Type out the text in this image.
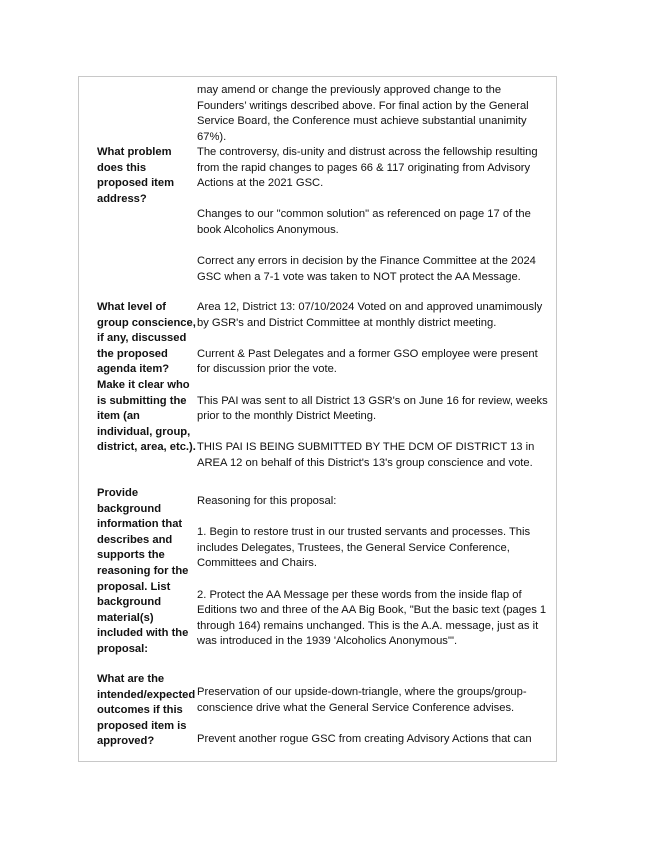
may amend or change the previously approved change to the Founders’ writings described above. For final action by the General Service Board, the Conference must achieve substantial unanimity 67%).

What problem does this proposed item address?

The controversy, dis-unity and distrust across the fellowship resulting from the rapid changes to pages 66 & 117 originating from Advisory Actions at the 2021 GSC.

Changes to our "common solution" as referenced on page 17 of the book Alcoholics Anonymous.

Correct any errors in decision by the Finance Committee at the 2024 GSC when a 7-1 vote was taken to NOT protect the AA Message.

What level of group conscience, if any, discussed the proposed agenda item? Make it clear who is submitting the item (an individual, group, district, area, etc.).

Area 12, District 13: 07/10/2024 Voted on and approved unamimously by GSR's and District Committee at monthly district meeting.

Current & Past Delegates and a former GSO employee were present for discussion prior the vote.

This PAI was sent to all District 13 GSR's on June 16 for review, weeks prior to the monthly District Meeting.

THIS PAI IS BEING SUBMITTED BY THE DCM OF DISTRICT 13 in AREA 12 on behalf of this District's 13's group conscience and vote.

Provide background information that describes and supports the reasoning for the proposal. List background material(s) included with the proposal:

Reasoning for this proposal:

1. Begin to restore trust in our trusted servants and processes. This includes Delegates, Trustees, the General Service Conference, Committees and Chairs.

2. Protect the AA Message per these words from the inside flap of Editions two and three of the AA Big Book, "But the basic text (pages 1 through 164) remains unchanged. This is the A.A. message, just as it was introduced in the 1939 'Alcoholics Anonymous'".

What are the intended/expected outcomes if this proposed item is approved?

Preservation of our upside-down-triangle, where the groups/group-conscience drive what the General Service Conference advises.

Prevent another rogue GSC from creating Advisory Actions that can
